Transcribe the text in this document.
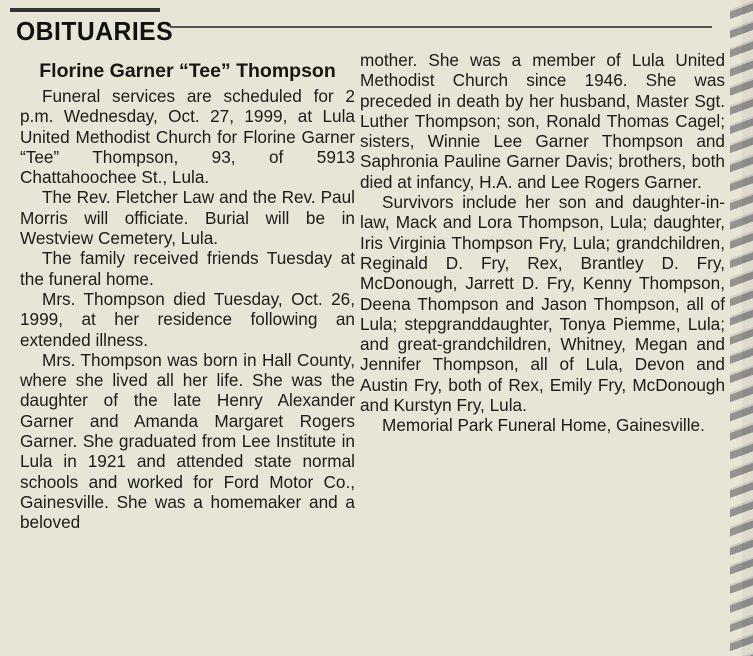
OBITUARIES
Florine Garner “Tee” Thompson

Funeral services are scheduled for 2 p.m. Wednesday, Oct. 27, 1999, at Lula United Methodist Church for Florine Garner “Tee” Thompson, 93, of 5913 Chattahoochee St., Lula.

The Rev. Fletcher Law and the Rev. Paul Morris will officiate. Burial will be in Westview Cemetery, Lula.

The family received friends Tuesday at the funeral home.

Mrs. Thompson died Tuesday, Oct. 26, 1999, at her residence following an extended illness.

Mrs. Thompson was born in Hall County, where she lived all her life. She was the daughter of the late Henry Alexander Garner and Amanda Margaret Rogers Garner. She graduated from Lee Institute in Lula in 1921 and attended state normal schools and worked for Ford Motor Co., Gainesville. She was a homemaker and a beloved

mother. She was a member of Lula United Methodist Church since 1946. She was preceded in death by her husband, Master Sgt. Luther Thompson; son, Ronald Thomas Cagel; sisters, Winnie Lee Garner Thompson and Saphronia Pauline Garner Davis; brothers, both died at infancy, H.A. and Lee Rogers Garner.

Survivors include her son and daughter-in-law, Mack and Lora Thompson, Lula; daughter, Iris Virginia Thompson Fry, Lula; grandchildren, Reginald D. Fry, Rex, Brantley D. Fry, McDonough, Jarrett D. Fry, Kenny Thompson, Deena Thompson and Jason Thompson, all of Lula; stepgranddaughter, Tonya Piemme, Lula; and great-grandchildren, Whitney, Megan and Jennifer Thompson, all of Lula, Devon and Austin Fry, both of Rex, Emily Fry, McDonough and Kurstyn Fry, Lula.

Memorial Park Funeral Home, Gainesville.
